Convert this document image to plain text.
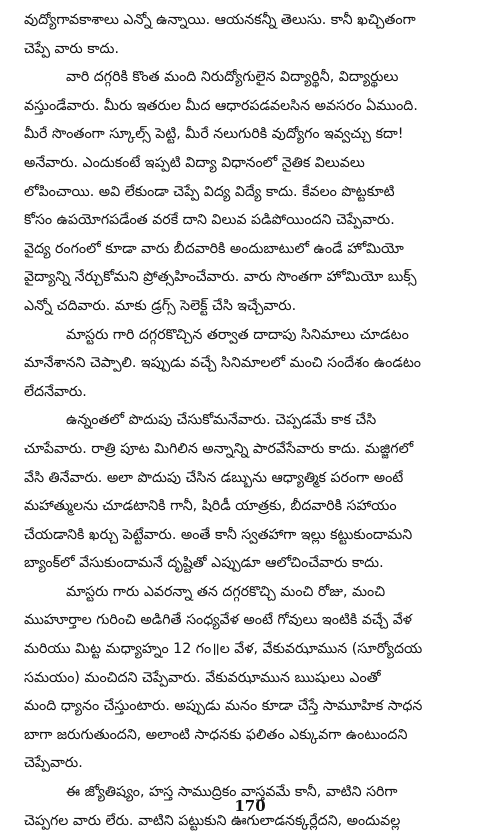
వుద్యోగావకాశాలు ఎన్నో ఉన్నాయి. ఆయనకన్నీ తెలుసు. కానీ ఖచ్చితంగా
చెప్పే వారు కాదు.
వారి దగ్గరికి కొంత మంది నిరుద్యోగులైన విద్యార్థినీ, విద్యార్థులు
వస్తుండేవారు. మీరు ఇతరుల మీద ఆధారపడవలసిన అవసరం ఏముంది.
మీరే సొంతంగా స్కూల్స్ పెట్టి, మీరే నలుగురికి వుద్యోగం ఇవ్వచ్చు కదా!
అనేవారు. ఎందుకంటే ఇప్పటి విద్యా విధానంలో నైతిక విలువలు
లోపించాయి. అవి లేకుండా చెప్పే విద్య విద్యే కాదు. కేవలం పొట్టకూటి
కోసం ఉపయోగపడేంత వరకే దాని విలువ పడిపోయిందని చెప్పేవారు.
వైద్య రంగంలో కూడా వారు బీదవారికి అందుబాటులో ఉండే హోమియో
వైద్యాన్ని నేర్చుకోమని ప్రోత్సహించేవారు. వారు సొంతగా హోమియో బుక్స్
ఎన్నో చదివారు. మాకు డ్రగ్స్ సెలెక్ట్ చేసి ఇచ్చేవారు.
మాస్టరు గారి దగ్గరకొచ్చిన తర్వాత దాదాపు సినిమాలు చూడటం
మానేశానని చెప్పాలి. ఇప్పుడు వచ్చే సినిమాలలో మంచి సందేశం ఉండటం
లేదనేవారు.
ఉన్నంతలో పొదుపు చేసుకోమనేవారు. చెప్పడమే కాక చేసి
చూపేవారు. రాత్రి పూట మిగిలిన అన్నాన్ని పారవేసేవారు కాదు. మజ్జిగలో
వేసి తినేవారు. అలా పొదుపు చేసిన డబ్బును ఆధ్యాత్మిక పరంగా అంటే
మహాత్ములను చూడటానికి గానీ, షిరిడీ యాత్రకు, బీదవారికి సహాయం
చేయడానికి ఖర్చు పెట్టేవారు. అంతే కానీ స్వతహాగా ఇల్లు కట్టుకుందామని
బ్యాంక్‌లో వేసుకుందామనే దృష్టితో ఎప్పుడూ ఆలోచించేవారు కాదు.
మాస్టరు గారు ఎవరన్నా తన దగ్గరకొచ్చి మంచి రోజు, మంచి
ముహూర్తాల గురించి అడిగితే సంధ్యవేళ అంటే గోవులు ఇంటికి వచ్చే వేళ
మరియు మిట్ట మధ్యాహ్నం 12 గం॥ల వేళ, వేకువఝామున (సూర్యోదయ
సమయం) మంచిదని చెప్పేవారు. వేకువఝామున ఋషులు ఎంతో
మంది ధ్యానం చేస్తుంటారు. అప్పుడు మనం కూడా చేస్తే సామూహిక సాధన
బాగా జరుగుతుందని, అలాంటి సాధనకు ఫలితం ఎక్కువగా ఉంటుందని
చెప్పేవారు.
ఈ జ్యోతిష్యం, హస్త సాముద్రికం వాస్తవమే కానీ, వాటిని సరిగా
చెప్పగల వారు లేరు. వాటిని పట్టుకుని ఊగులాడనక్కర్లేదని, అందువల్ల
170
